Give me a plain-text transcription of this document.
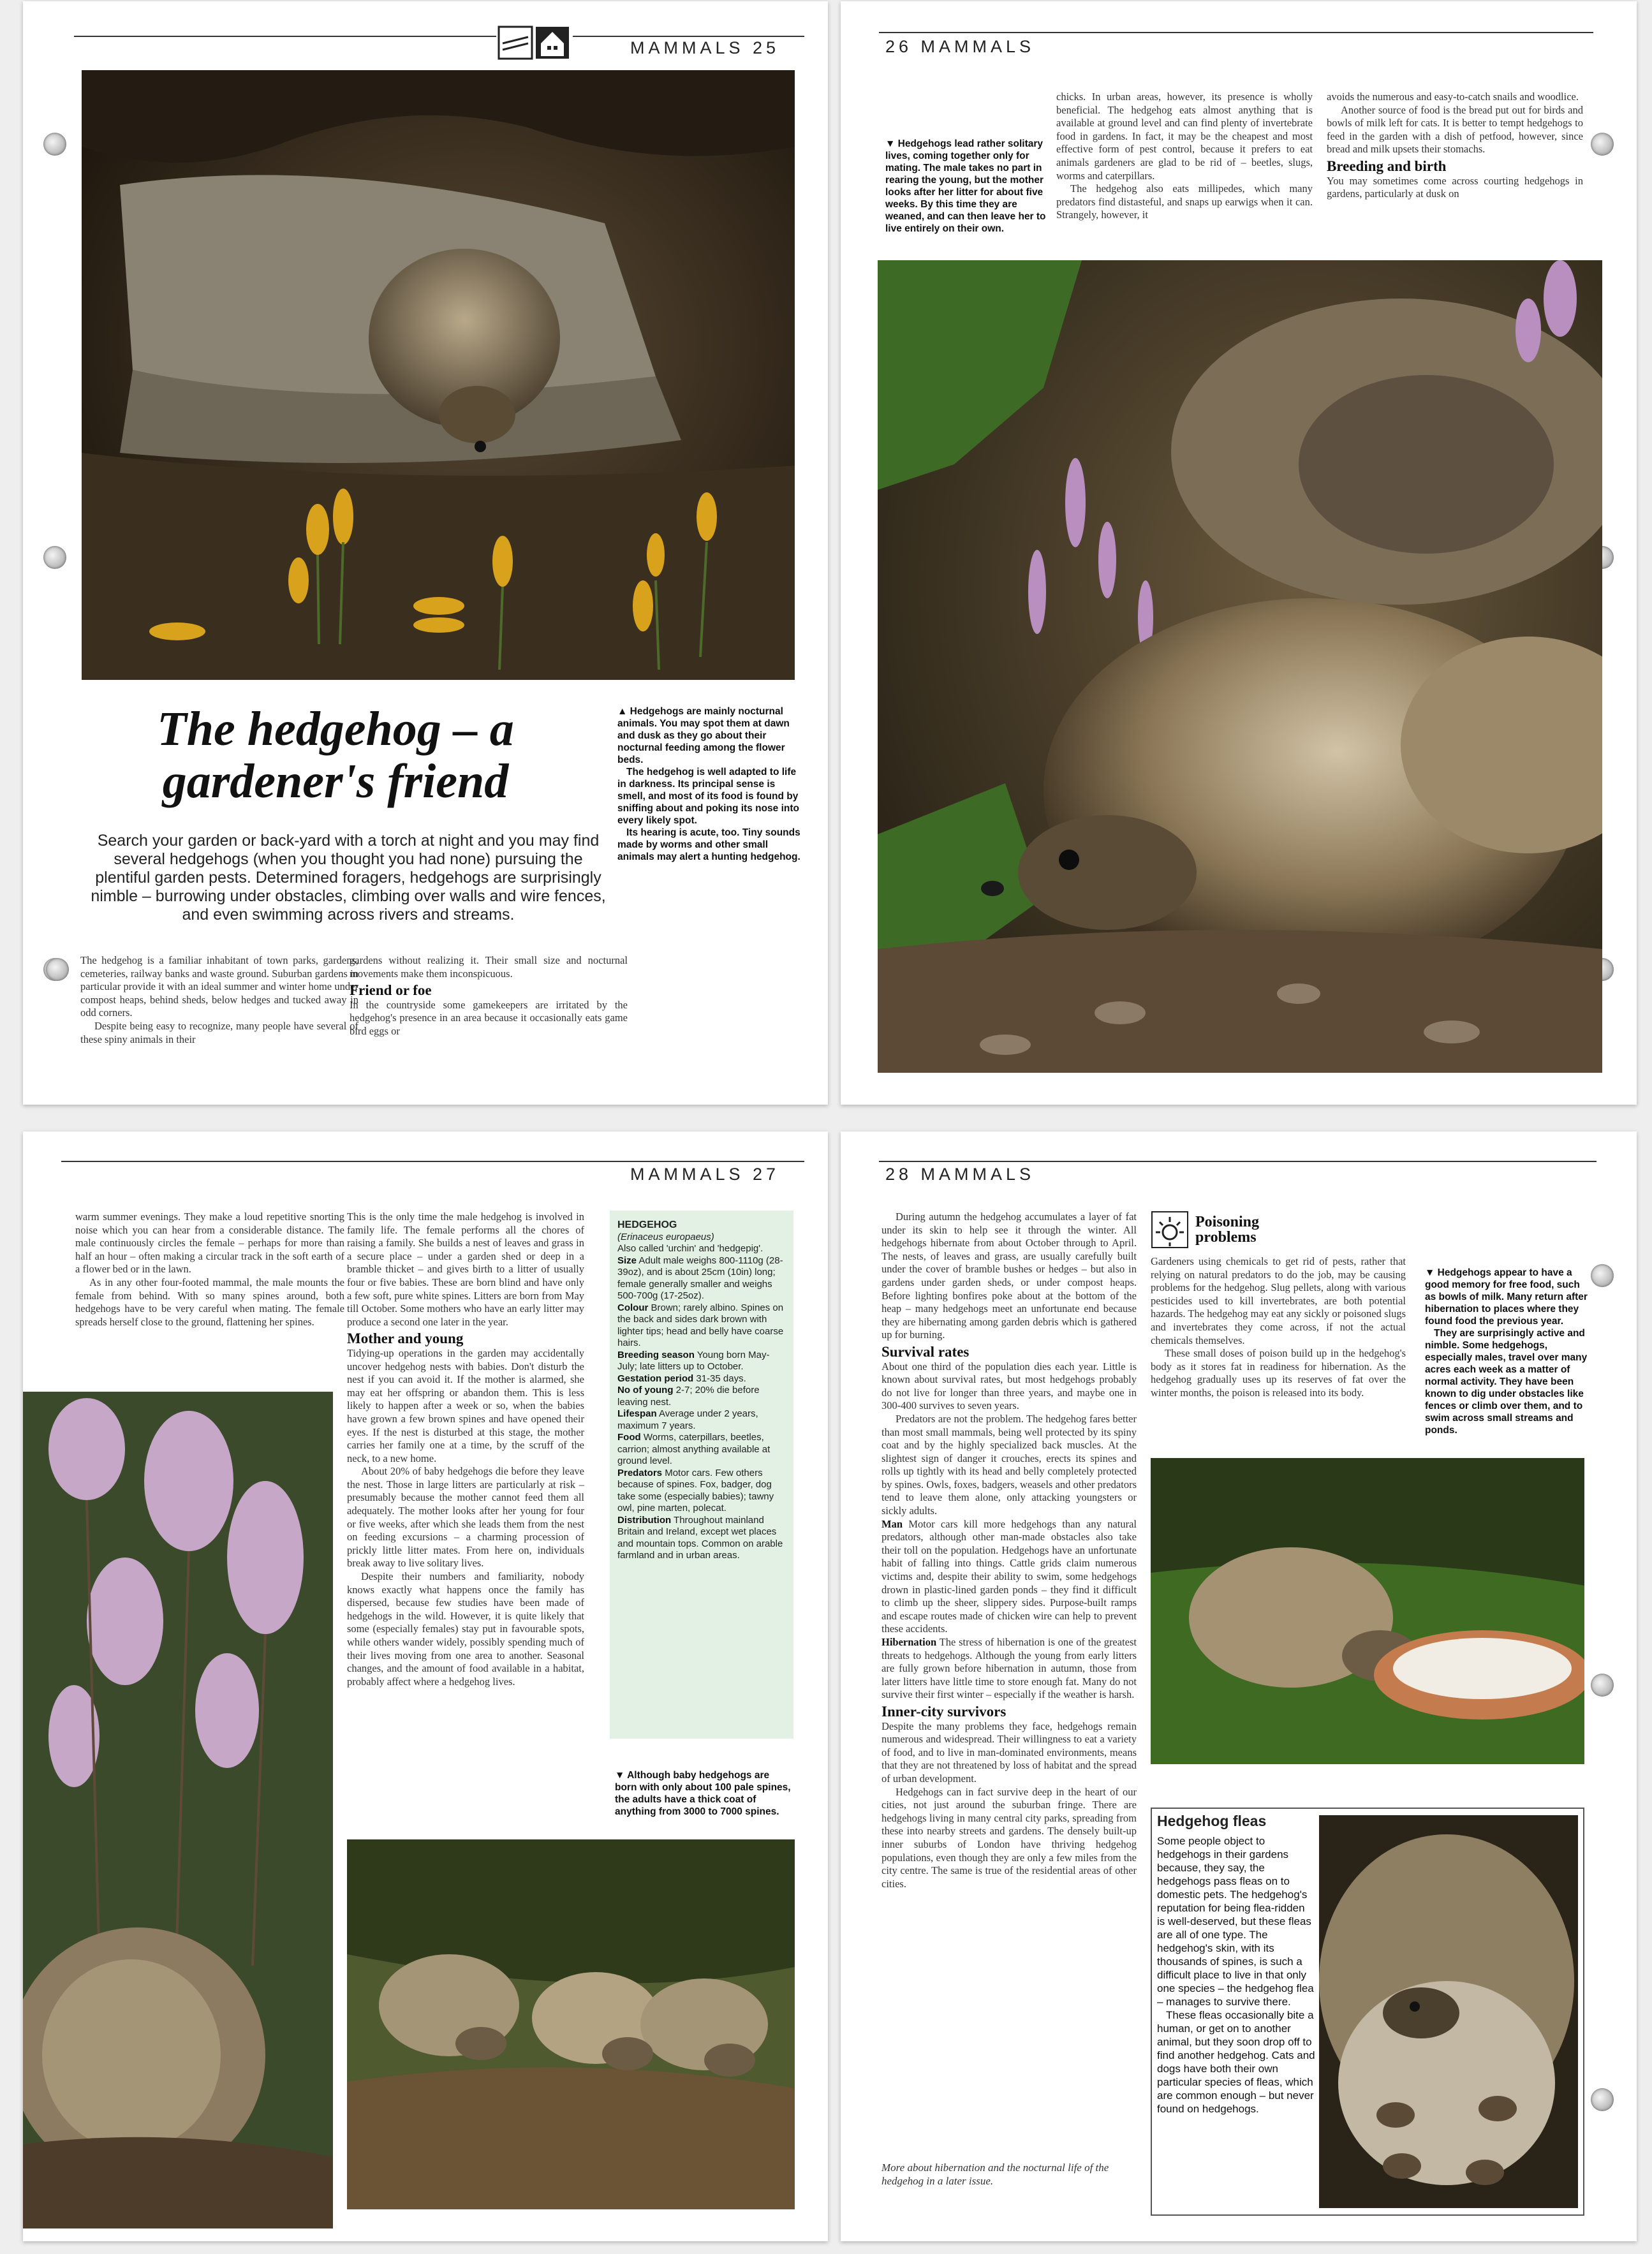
MAMMALS 25
The hedgehog – a gardener's friend

▲ Hedgehogs are mainly nocturnal animals. You may spot them at dawn and dusk as they go about their nocturnal feeding among the flower beds.

The hedgehog is well adapted to life in darkness. Its principal sense is smell, and most of its food is found by sniffing about and poking its nose into every likely spot.

Its hearing is acute, too. Tiny sounds made by worms and other small animals may alert a hunting hedgehog.

Search your garden or back-yard with a torch at night and you may find several hedgehogs (when you thought you had none) pursuing the plentiful garden pests. Determined foragers, hedgehogs are surprisingly nimble – burrowing under obstacles, climbing over walls and wire fences, and even swimming across rivers and streams.

The hedgehog is a familiar inhabitant of town parks, gardens, cemeteries, railway banks and waste ground. Suburban gardens in particular provide it with an ideal summer and winter home under compost heaps, behind sheds, below hedges and tucked away in odd corners.

Despite being easy to recognize, many people have several of these spiny animals in their

gardens without realizing it. Their small size and nocturnal movements make them inconspicuous.

Friend or foe

In the countryside some gamekeepers are irritated by the hedgehog's presence in an area because it occasionally eats game bird eggs or

26 MAMMALS
▼ Hedgehogs lead rather solitary lives, coming together only for mating. The male takes no part in rearing the young, but the mother looks after her litter for about five weeks. By this time they are weaned, and can then leave her to live entirely on their own.

chicks. In urban areas, however, its presence is wholly beneficial. The hedgehog eats almost anything that is available at ground level and can find plenty of invertebrate food in gardens. In fact, it may be the cheapest and most effective form of pest control, because it prefers to eat animals gardeners are glad to be rid of – beetles, slugs, worms and caterpillars.

The hedgehog also eats millipedes, which many predators find distasteful, and snaps up earwigs when it can. Strangely, however, it

avoids the numerous and easy-to-catch snails and woodlice.

Another source of food is the bread put out for birds and bowls of milk left for cats. It is better to tempt hedgehogs to feed in the garden with a dish of petfood, however, since bread and milk upsets their stomachs.

Breeding and birth

You may sometimes come across courting hedgehogs in gardens, particularly at dusk on

MAMMALS 27

warm summer evenings. They make a loud repetitive snorting noise which you can hear from a considerable distance. The male continuously circles the female – perhaps for more than half an hour – often making a circular track in the soft earth of a flower bed or in the lawn.

As in any other four-footed mammal, the male mounts the female from behind. With so many spines around, both hedgehogs have to be very careful when mating. The female spreads herself close to the ground, flattening her spines.

This is the only time the male hedgehog is involved in family life. The female performs all the chores of raising a family. She builds a nest of leaves and grass in a secure place – under a garden shed or deep in a bramble thicket – and gives birth to a litter of usually four or five babies. These are born blind and have only a few soft, pure white spines. Litters are born from May till October. Some mothers who have an early litter may produce a second one later in the year.

Mother and young

Tidying-up operations in the garden may accidentally uncover hedgehog nests with babies. Don't disturb the nest if you can avoid it. If the mother is alarmed, she may eat her offspring or abandon them. This is less likely to happen after a week or so, when the babies have grown a few brown spines and have opened their eyes. If the nest is disturbed at this stage, the mother carries her family one at a time, by the scruff of the neck, to a new home.

About 20% of baby hedgehogs die before they leave the nest. Those in large litters are particularly at risk – presumably because the mother cannot feed them all adequately. The mother looks after her young for four or five weeks, after which she leads them from the nest on feeding excursions – a charming procession of prickly little litter mates. From here on, individuals break away to live solitary lives.

Despite their numbers and familiarity, nobody knows exactly what happens once the family has dispersed, because few studies have been made of hedgehogs in the wild. However, it is quite likely that some (especially females) stay put in favourable spots, while others wander widely, possibly spending much of their lives moving from one area to another. Seasonal changes, and the amount of food available in a habitat, probably affect where a hedgehog lives.

HEDGEHOG
(Erinaceus europaeus)
Also called 'urchin' and 'hedgepig'.
Size Adult male weighs 800-1110g (28-39oz), and is about 25cm (10in) long; female generally smaller and weighs 500-700g (17-25oz).
Colour Brown; rarely albino. Spines on the back and sides dark brown with lighter tips; head and belly have coarse hairs.
Breeding season Young born May-July; late litters up to October.
Gestation period 31-35 days.
No of young 2-7; 20% die before leaving nest.
Lifespan Average under 2 years, maximum 7 years.
Food Worms, caterpillars, beetles, carrion; almost anything available at ground level.
Predators Motor cars. Few others because of spines. Fox, badger, dog take some (especially babies); tawny owl, pine marten, polecat.
Distribution Throughout mainland Britain and Ireland, except wet places and mountain tops. Common on arable farmland and in urban areas.
▼ Although baby hedgehogs are born with only about 100 pale spines, the adults have a thick coat of anything from 3000 to 7000 spines.
28 MAMMALS

During autumn the hedgehog accumulates a layer of fat under its skin to help see it through the winter. All hedgehogs hibernate from about October through to April. The nests, of leaves and grass, are usually carefully built under the cover of bramble bushes or hedges – but also in gardens under garden sheds, or under compost heaps. Before lighting bonfires poke about at the bottom of the heap – many hedgehogs meet an unfortunate end because they are hibernating among garden debris which is gathered up for burning.

Survival rates

About one third of the population dies each year. Little is known about survival rates, but most hedgehogs probably do not live for longer than three years, and maybe one in 300-400 survives to seven years.

Predators are not the problem. The hedgehog fares better than most small mammals, being well protected by its spiny coat and by the highly specialized back muscles. At the slightest sign of danger it crouches, erects its spines and rolls up tightly with its head and belly completely protected by spines. Owls, foxes, badgers, weasels and other predators tend to leave them alone, only attacking youngsters or sickly adults.

Man Motor cars kill more hedgehogs than any natural predators, although other man-made obstacles also take their toll on the population. Hedgehogs have an unfortunate habit of falling into things. Cattle grids claim numerous victims and, despite their ability to swim, some hedgehogs drown in plastic-lined garden ponds – they find it difficult to climb up the sheer, slippery sides. Purpose-built ramps and escape routes made of chicken wire can help to prevent these accidents.

Hibernation The stress of hibernation is one of the greatest threats to hedgehogs. Although the young from early litters are fully grown before hibernation in autumn, those from later litters have little time to store enough fat. Many do not survive their first winter – especially if the weather is harsh.

Inner-city survivors

Despite the many problems they face, hedgehogs remain numerous and widespread. Their willingness to eat a variety of food, and to live in man-dominated environments, means that they are not threatened by loss of habitat and the spread of urban development.

Hedgehogs can in fact survive deep in the heart of our cities, not just around the suburban fringe. There are hedgehogs living in many central city parks, spreading from these into nearby streets and gardens. The densely built-up inner suburbs of London have thriving hedgehog populations, even though they are only a few miles from the city centre. The same is true of the residential areas of other cities.

More about hibernation and the nocturnal life of the hedgehog in a later issue.
Poisoning problems

Gardeners using chemicals to get rid of pests, rather that relying on natural predators to do the job, may be causing problems for the hedgehog. Slug pellets, along with various pesticides used to kill invertebrates, are both potential hazards. The hedgehog may eat any sickly or poisoned slugs and invertebrates they come across, if not the actual chemicals themselves.

These small doses of poison build up in the hedgehog's body as it stores fat in readiness for hibernation. As the hedgehog gradually uses up its reserves of fat over the winter months, the poison is released into its body.

▼ Hedgehogs appear to have a good memory for free food, such as bowls of milk. Many return after hibernation to places where they found food the previous year.

They are surprisingly active and nimble. Some hedgehogs, especially males, travel over many acres each week as a matter of normal activity. They have been known to dig under obstacles like fences or climb over them, and to swim across small streams and ponds.

Hedgehog fleas

Some people object to hedgehogs in their gardens because, they say, the hedgehogs pass fleas on to domestic pets. The hedgehog's reputation for being flea-ridden is well-deserved, but these fleas are all of one type. The hedgehog's skin, with its thousands of spines, is such a difficult place to live in that only one species – the hedgehog flea – manages to survive there.

These fleas occasionally bite a human, or get on to another animal, but they soon drop off to find another hedgehog. Cats and dogs have both their own particular species of fleas, which are common enough – but never found on hedgehogs.
